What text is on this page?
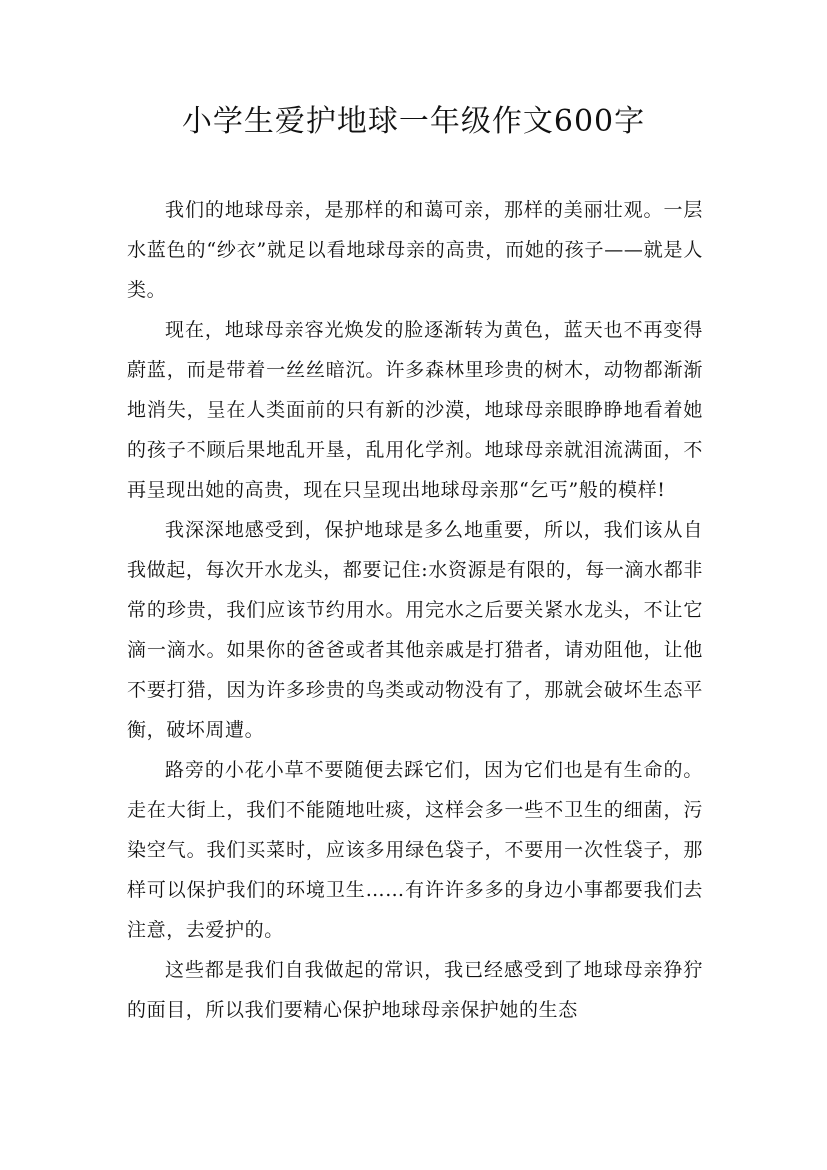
小学生爱护地球一年级作文600字

我们的地球母亲，是那样的和蔼可亲，那样的美丽壮观。一层水蓝色的“纱衣”就足以看地球母亲的高贵，而她的孩子——就是人类。

现在，地球母亲容光焕发的脸逐渐转为黄色，蓝天也不再变得蔚蓝，而是带着一丝丝暗沉。许多森林里珍贵的树木，动物都渐渐地消失，呈在人类面前的只有新的沙漠，地球母亲眼睁睁地看着她的孩子不顾后果地乱开垦，乱用化学剂。地球母亲就泪流满面，不再呈现出她的高贵，现在只呈现出地球母亲那“乞丐”般的模样!

我深深地感受到，保护地球是多么地重要，所以，我们该从自我做起，每次开水龙头，都要记住:水资源是有限的，每一滴水都非常的珍贵，我们应该节约用水。用完水之后要关紧水龙头，不让它滴一滴水。如果你的爸爸或者其他亲戚是打猎者，请劝阻他，让他不要打猎，因为许多珍贵的鸟类或动物没有了，那就会破坏生态平衡，破坏周遭。

路旁的小花小草不要随便去踩它们，因为它们也是有生命的。走在大街上，我们不能随地吐痰，这样会多一些不卫生的细菌，污染空气。我们买菜时，应该多用绿色袋子，不要用一次性袋子，那样可以保护我们的环境卫生……有许许多多的身边小事都要我们去注意，去爱护的。

这些都是我们自我做起的常识，我已经感受到了地球母亲狰狞的面目，所以我们要精心保护地球母亲保护她的生态
